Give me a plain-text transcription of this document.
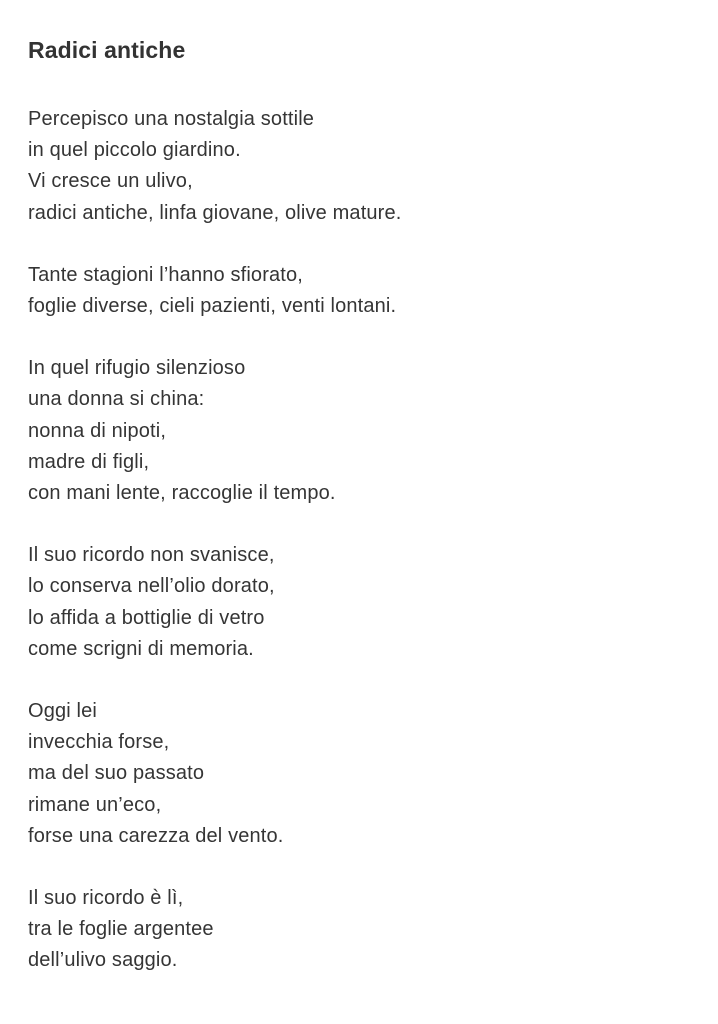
Radici antiche
Percepisco una nostalgia sottile
in quel piccolo giardino.
Vi cresce un ulivo,
radici antiche, linfa giovane, olive mature.
Tante stagioni l’hanno sfiorato,
foglie diverse, cieli pazienti, venti lontani.
In quel rifugio silenzioso
una donna si china:
nonna di nipoti,
madre di figli,
con mani lente, raccoglie il tempo.
Il suo ricordo non svanisce,
lo conserva nell’olio dorato,
lo affida a bottiglie di vetro
come scrigni di memoria.
Oggi lei
invecchia forse,
ma del suo passato
rimane un’eco,
forse una carezza del vento.
Il suo ricordo è lì,
tra le foglie argentee
dell’ulivo saggio.
